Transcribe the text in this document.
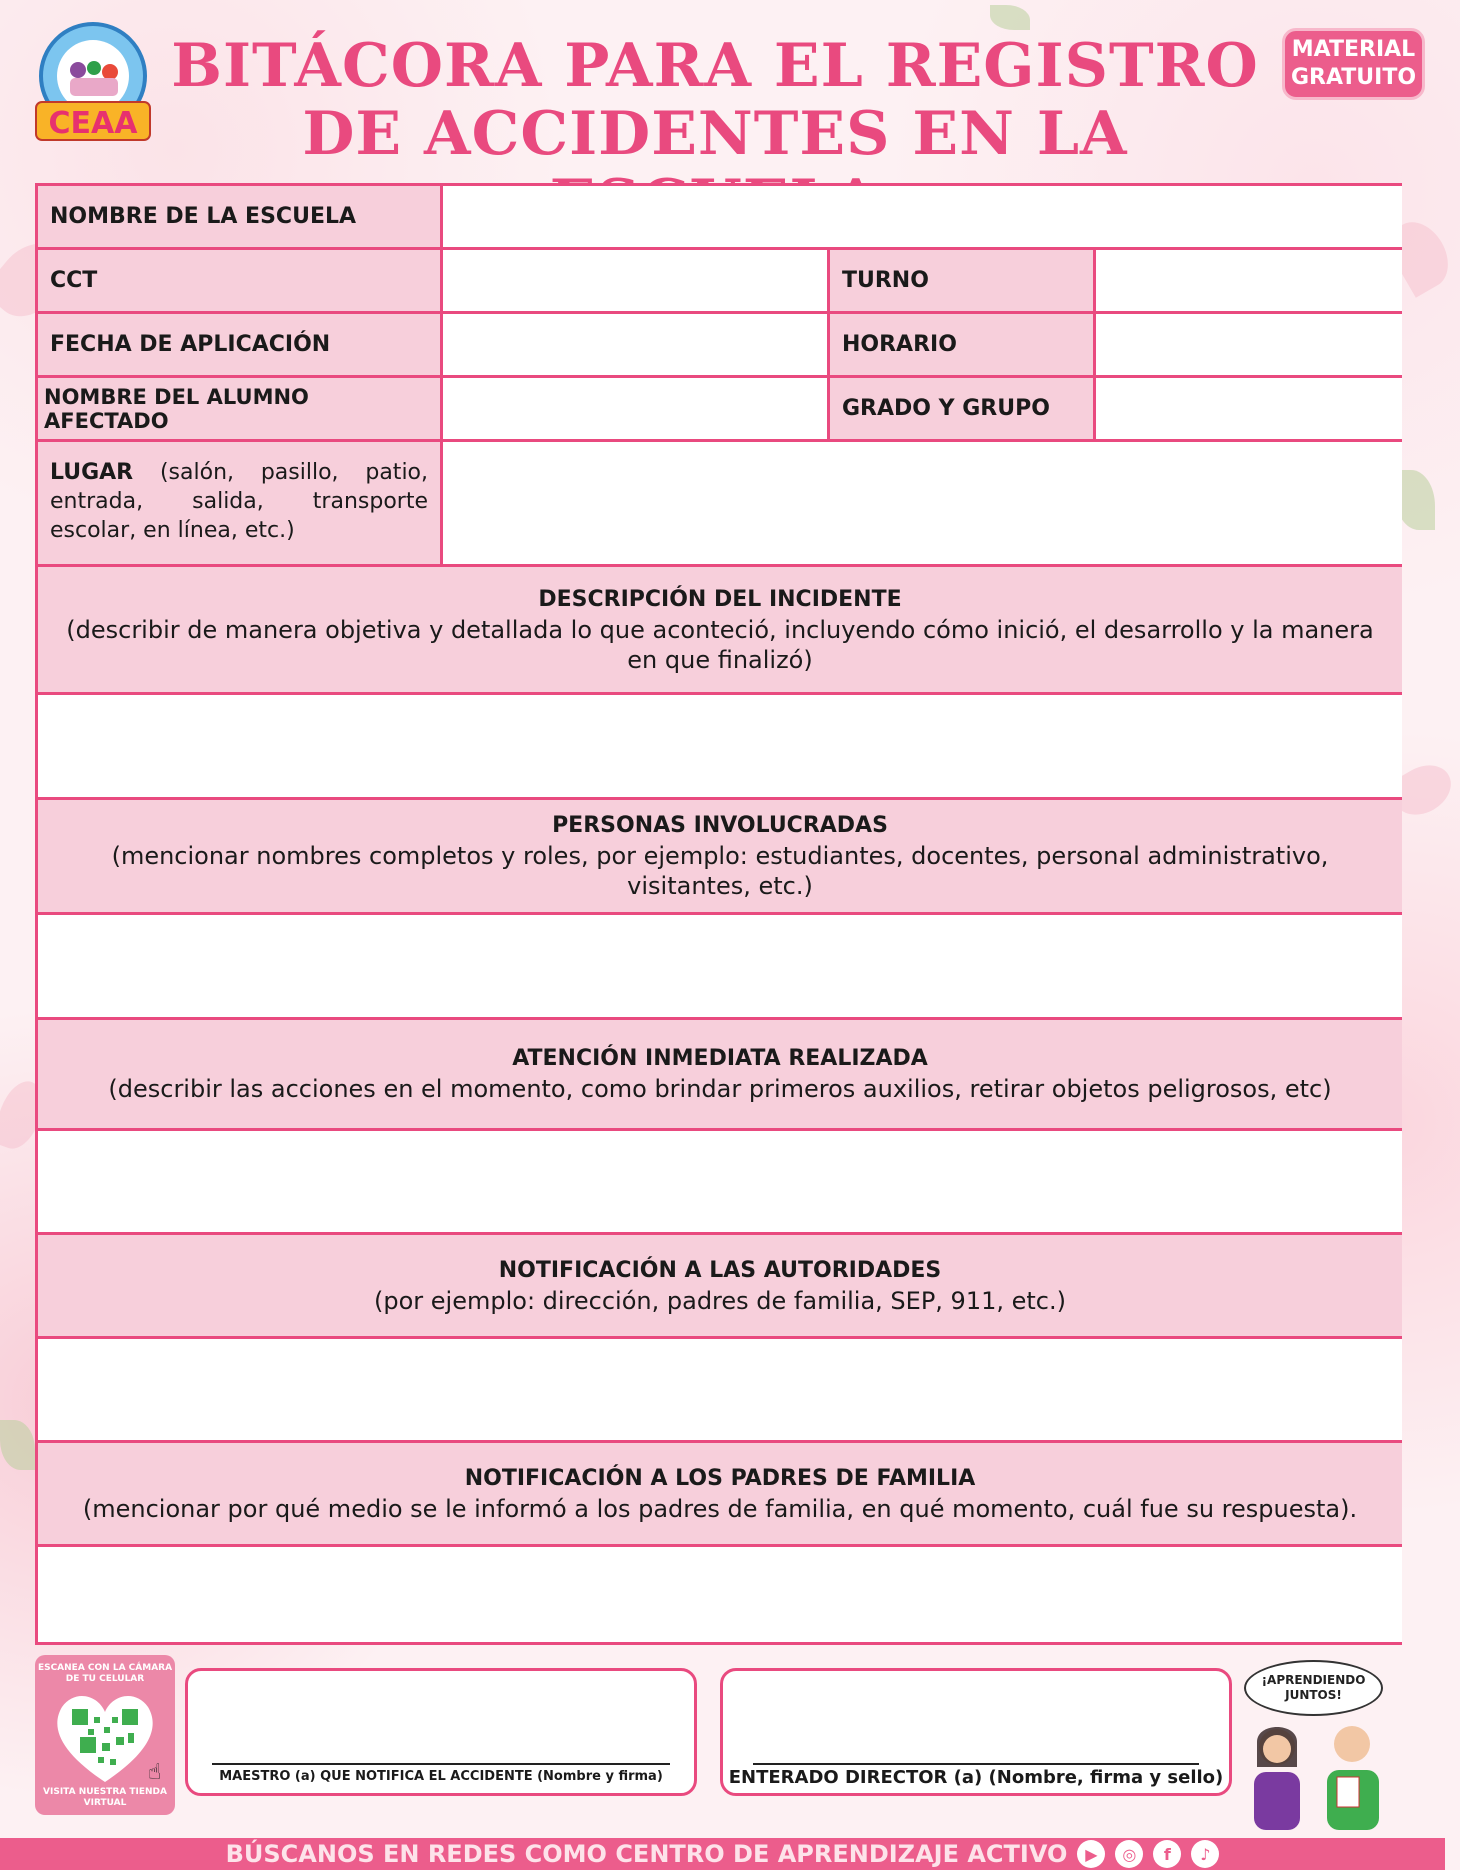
CEAA
BITÁCORA PARA EL REGISTRO
DE ACCIDENTES EN LA
MATERIAL
GRATUITO
NOMBRE DE LA ESCUELA
CCT	TURNO
FECHA DE APLICACIÓN	HORARIO
NOMBRE DEL ALUMNO AFECTADO	GRADO Y GRUPO
LUGAR (salón, pasillo, patio, entrada, salida, transporte escolar, en línea, etc.)
DESCRIPCIÓN DEL INCIDENTE
(describir de manera objetiva y detallada lo que aconteció, incluyendo cómo inició, el desarrollo y la manera en que finalizó)
PERSONAS INVOLUCRADAS
(mencionar nombres completos y roles, por ejemplo: estudiantes, docentes, personal administrativo, visitantes, etc.)
ATENCIÓN INMEDIATA REALIZADA
(describir las acciones en el momento, como brindar primeros auxilios, retirar objetos peligrosos, etc)
NOTIFICACIÓN A LAS AUTORIDADES
(por ejemplo: dirección, padres de familia, SEP, 911, etc.)
NOTIFICACIÓN A LOS PADRES DE FAMILIA
(mencionar por qué medio se le informó a los padres de familia, en qué momento, cuál fue su respuesta).
ESCANEA CON LA CÁMARA DE TU CELULAR
☝
VISITA NUESTRA TIENDA VIRTUAL
MAESTRO (a) QUE NOTIFICA EL ACCIDENTE (Nombre y firma)	ENTERADO DIRECTOR (a) (Nombre, firma y sello)
¡APRENDIENDO
JUNTOS!
BÚSCANOS EN REDES COMO CENTRO DE APRENDIZAJE ACTIVO	▶	◎	f	♪
